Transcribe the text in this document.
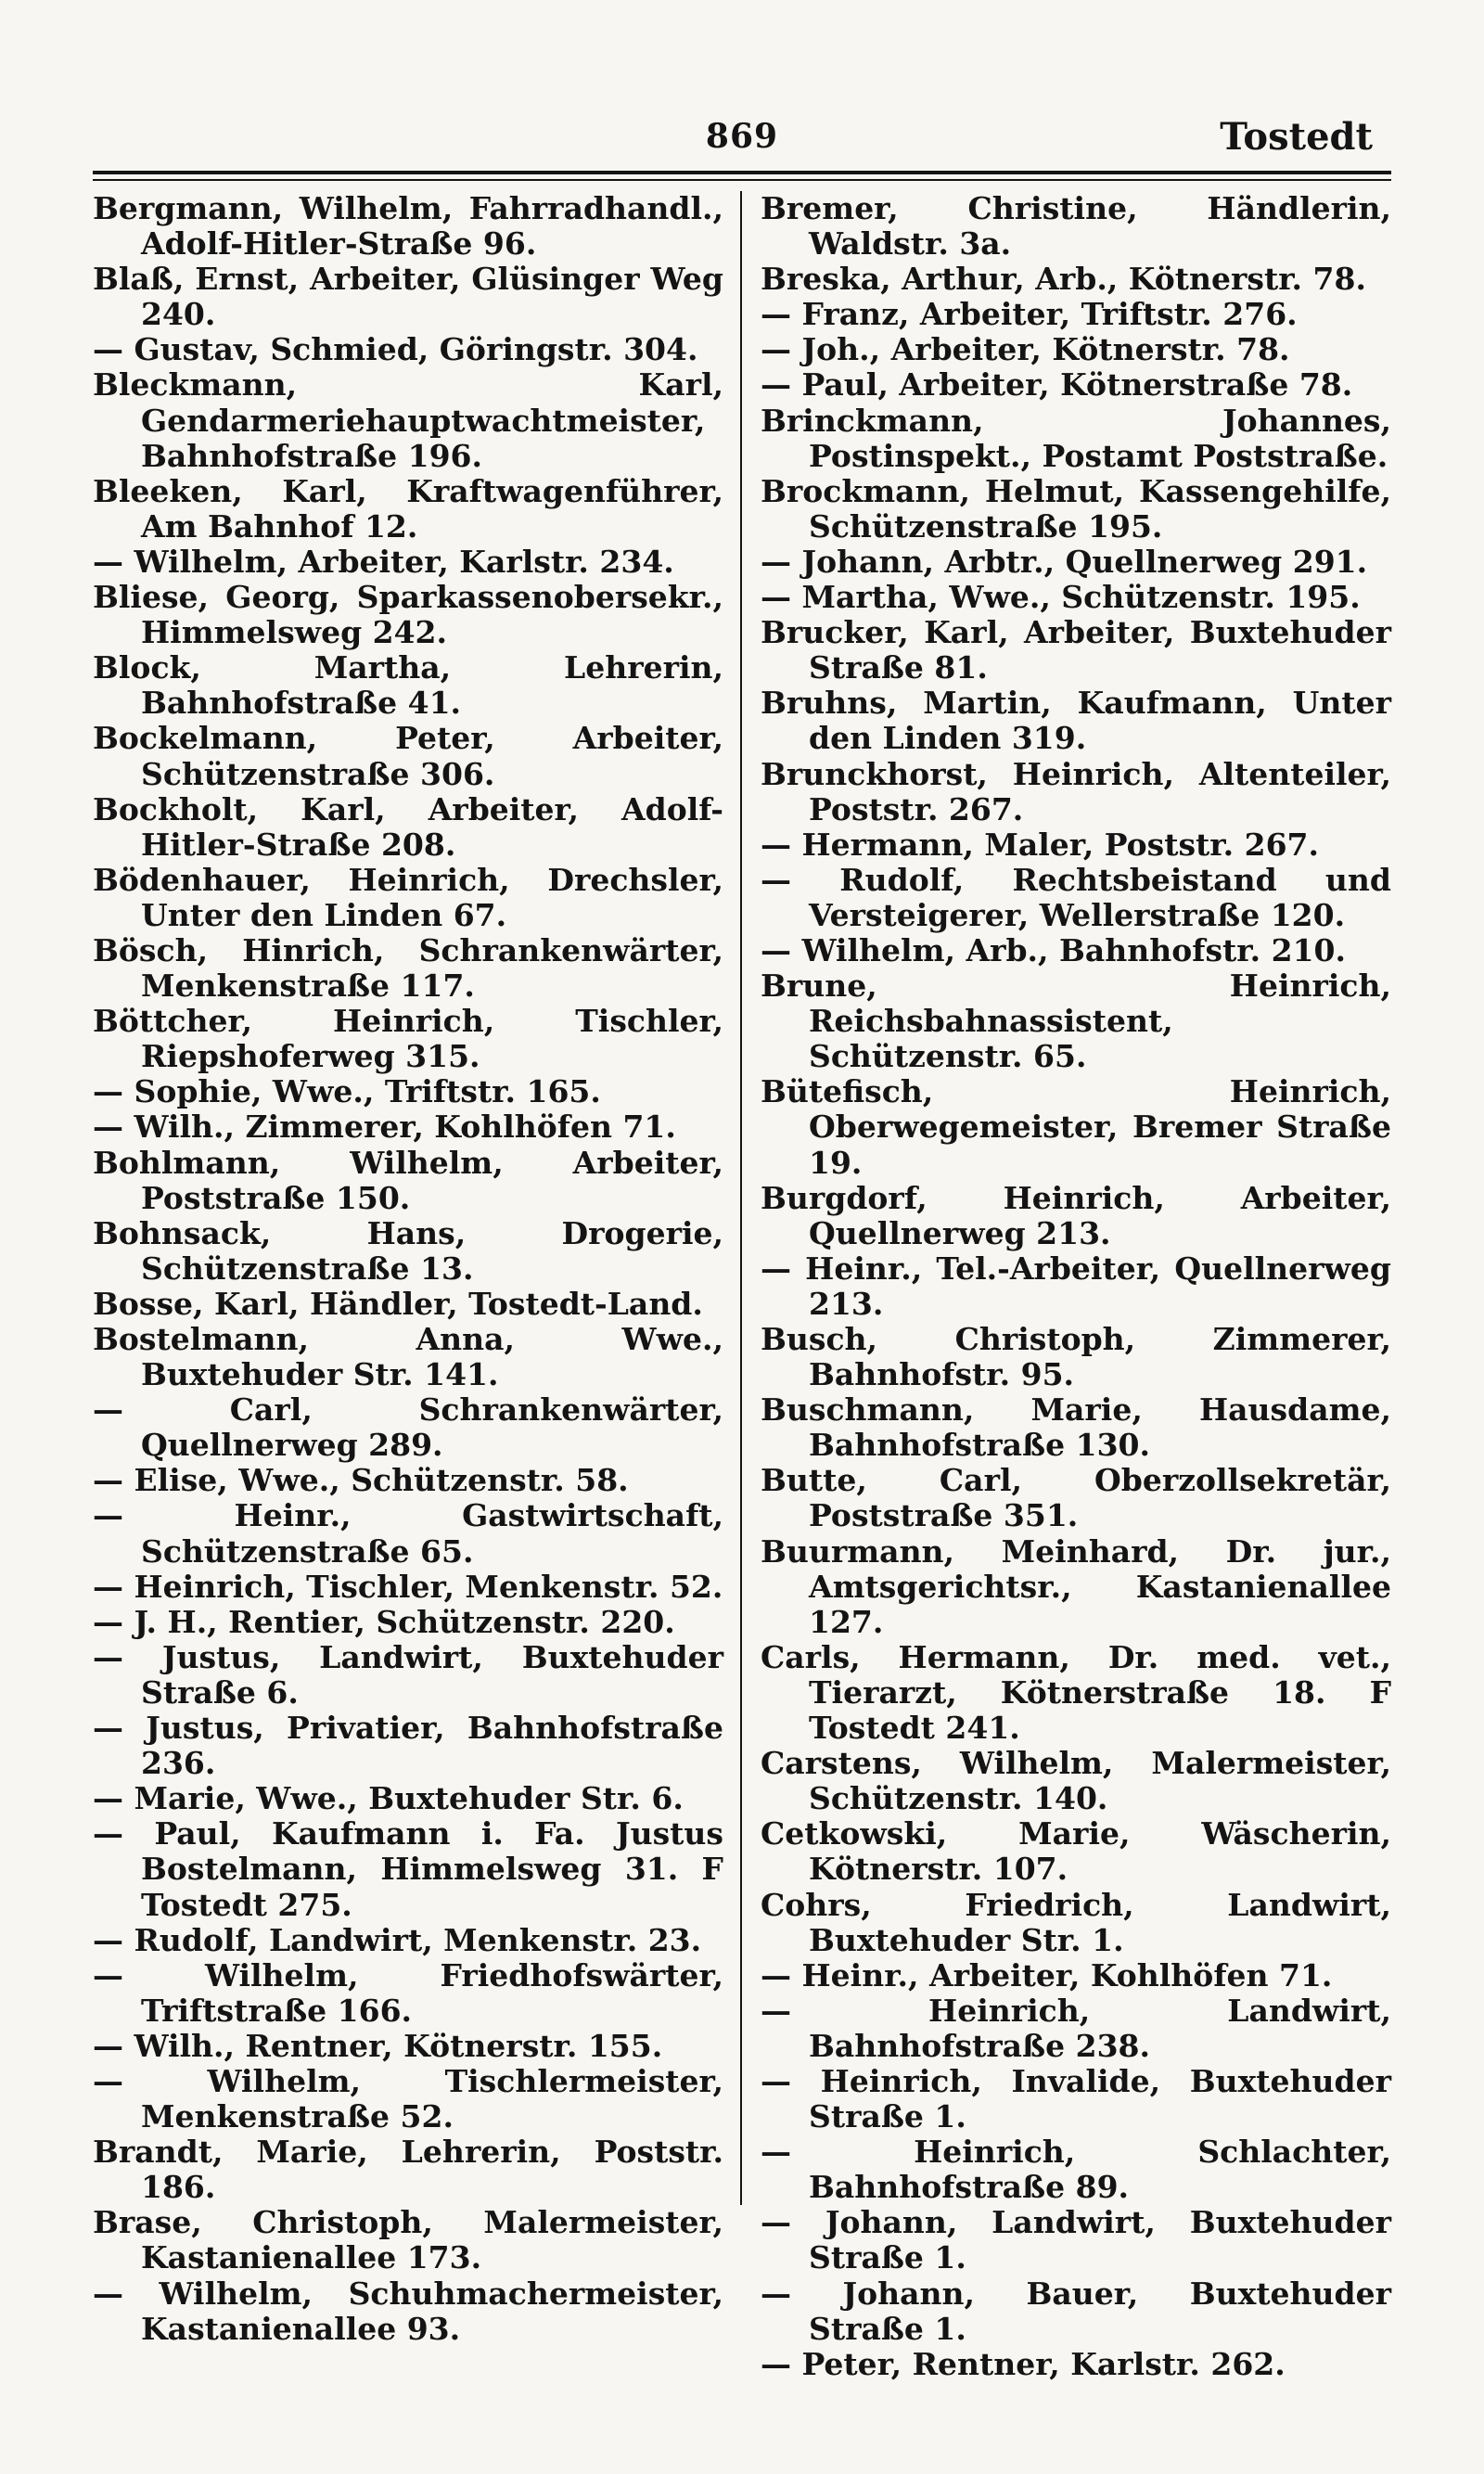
869	Tostedt

Bergmann, Wilhelm, Fahrradhandl., Adolf-Hitler-Straße 96.

Blaß, Ernst, Arbeiter, Glüsinger Weg 240.

— Gustav, Schmied, Göringstr. 304.

Bleckmann, Karl, Gendarmeriehauptwachtmeister, Bahnhofstraße 196.

Bleeken, Karl, Kraftwagenführer, Am Bahnhof 12.

— Wilhelm, Arbeiter, Karlstr. 234.

Bliese, Georg, Sparkassenobersekr., Himmelsweg 242.

Block, Martha, Lehrerin, Bahnhofstraße 41.

Bockelmann, Peter, Arbeiter, Schützenstraße 306.

Bockholt, Karl, Arbeiter, Adolf-Hitler-Straße 208.

Bödenhauer, Heinrich, Drechsler, Unter den Linden 67.

Bösch, Hinrich, Schrankenwärter, Menkenstraße 117.

Böttcher, Heinrich, Tischler, Riepshoferweg 315.

— Sophie, Wwe., Triftstr. 165.

— Wilh., Zimmerer, Kohlhöfen 71.

Bohlmann, Wilhelm, Arbeiter, Poststraße 150.

Bohnsack, Hans, Drogerie, Schützenstraße 13.

Bosse, Karl, Händler, Tostedt-Land.

Bostelmann, Anna, Wwe., Buxtehuder Str. 141.

— Carl, Schrankenwärter, Quellnerweg 289.

— Elise, Wwe., Schützenstr. 58.

— Heinr., Gastwirtschaft, Schützenstraße 65.

— Heinrich, Tischler, Menkenstr. 52.

— J. H., Rentier, Schützenstr. 220.

— Justus, Landwirt, Buxtehuder Straße 6.

— Justus, Privatier, Bahnhofstraße 236.

— Marie, Wwe., Buxtehuder Str. 6.

— Paul, Kaufmann i. Fa. Justus Bostelmann, Himmelsweg 31. F Tostedt 275.

— Rudolf, Landwirt, Menkenstr. 23.

— Wilhelm, Friedhofswärter, Triftstraße 166.

— Wilh., Rentner, Kötnerstr. 155.

— Wilhelm, Tischlermeister, Menkenstraße 52.

Brandt, Marie, Lehrerin, Poststr. 186.

Brase, Christoph, Malermeister, Kastanienallee 173.

— Wilhelm, Schuhmachermeister, Kastanienallee 93.

Bremer, Christine, Händlerin, Waldstr. 3a.

Breska, Arthur, Arb., Kötnerstr. 78.

— Franz, Arbeiter, Triftstr. 276.

— Joh., Arbeiter, Kötnerstr. 78.

— Paul, Arbeiter, Kötnerstraße 78.

Brinckmann, Johannes, Postinspekt., Postamt Poststraße.

Brockmann, Helmut, Kassengehilfe, Schützenstraße 195.

— Johann, Arbtr., Quellnerweg 291.

— Martha, Wwe., Schützenstr. 195.

Brucker, Karl, Arbeiter, Buxtehuder Straße 81.

Bruhns, Martin, Kaufmann, Unter den Linden 319.

Brunckhorst, Heinrich, Altenteiler, Poststr. 267.

— Hermann, Maler, Poststr. 267.

— Rudolf, Rechtsbeistand und Versteigerer, Wellerstraße 120.

— Wilhelm, Arb., Bahnhofstr. 210.

Brune, Heinrich, Reichsbahnassistent, Schützenstr. 65.

Bütefisch, Heinrich, Oberwegemeister, Bremer Straße 19.

Burgdorf, Heinrich, Arbeiter, Quellnerweg 213.

— Heinr., Tel.-Arbeiter, Quellnerweg 213.

Busch, Christoph, Zimmerer, Bahnhofstr. 95.

Buschmann, Marie, Hausdame, Bahnhofstraße 130.

Butte, Carl, Oberzollsekretär, Poststraße 351.

Buurmann, Meinhard, Dr. jur., Amtsgerichtsr., Kastanienallee 127.

Carls, Hermann, Dr. med. vet., Tierarzt, Kötnerstraße 18. F Tostedt 241.

Carstens, Wilhelm, Malermeister, Schützenstr. 140.

Cetkowski, Marie, Wäscherin, Kötnerstr. 107.

Cohrs, Friedrich, Landwirt, Buxtehuder Str. 1.

— Heinr., Arbeiter, Kohlhöfen 71.

— Heinrich, Landwirt, Bahnhofstraße 238.

— Heinrich, Invalide, Buxtehuder Straße 1.

— Heinrich, Schlachter, Bahnhofstraße 89.

— Johann, Landwirt, Buxtehuder Straße 1.

— Johann, Bauer, Buxtehuder Straße 1.

— Peter, Rentner, Karlstr. 262.
